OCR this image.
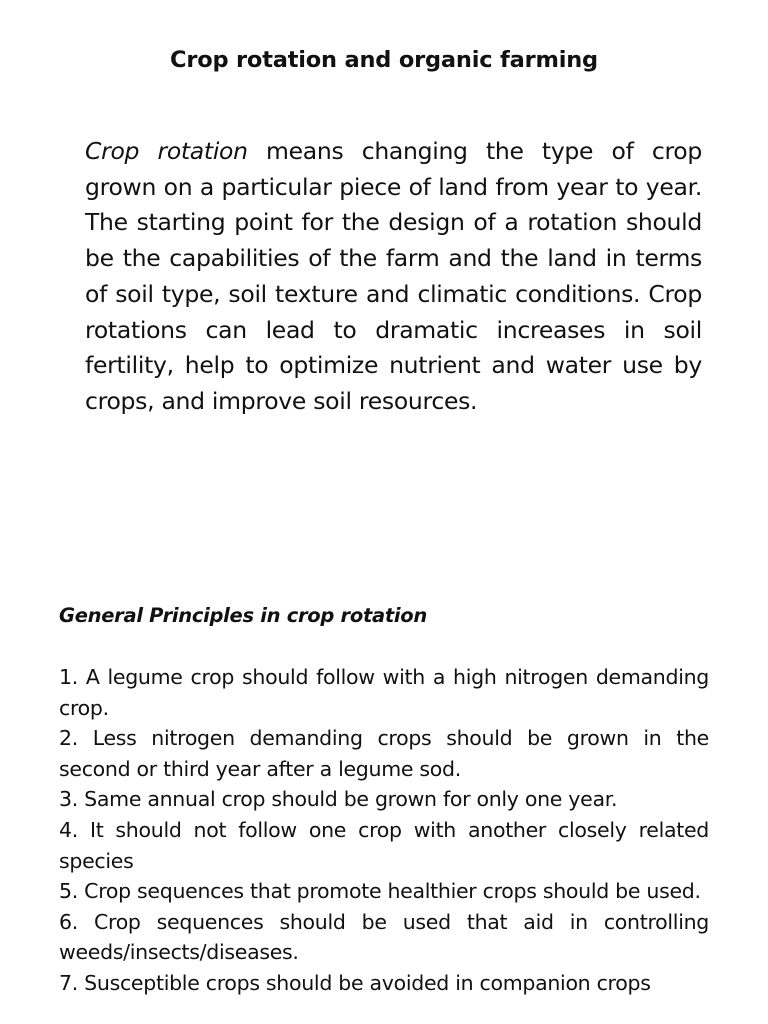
Crop rotation and organic farming

Crop rotation means changing the type of crop grown on a particular piece of land from year to year. The starting point for the design of a rotation should be the capabilities of the farm and the land in terms of soil type, soil texture and climatic conditions. Crop rotations can lead to dramatic increases in soil fertility, help to optimize nutrient and water use by crops, and improve soil resources.

General Principles in crop rotation
1. A legume crop should follow with a high nitrogen demanding crop.
2. Less nitrogen demanding crops should be grown in the second or third year after a legume sod.
3. Same annual crop should be grown for only one year.
4. It should not follow one crop with another closely related species
5. Crop sequences that promote healthier crops should be used.
6. Crop sequences should be used that aid in controlling weeds/insects/diseases.
7. Susceptible crops should be avoided in companion crops
